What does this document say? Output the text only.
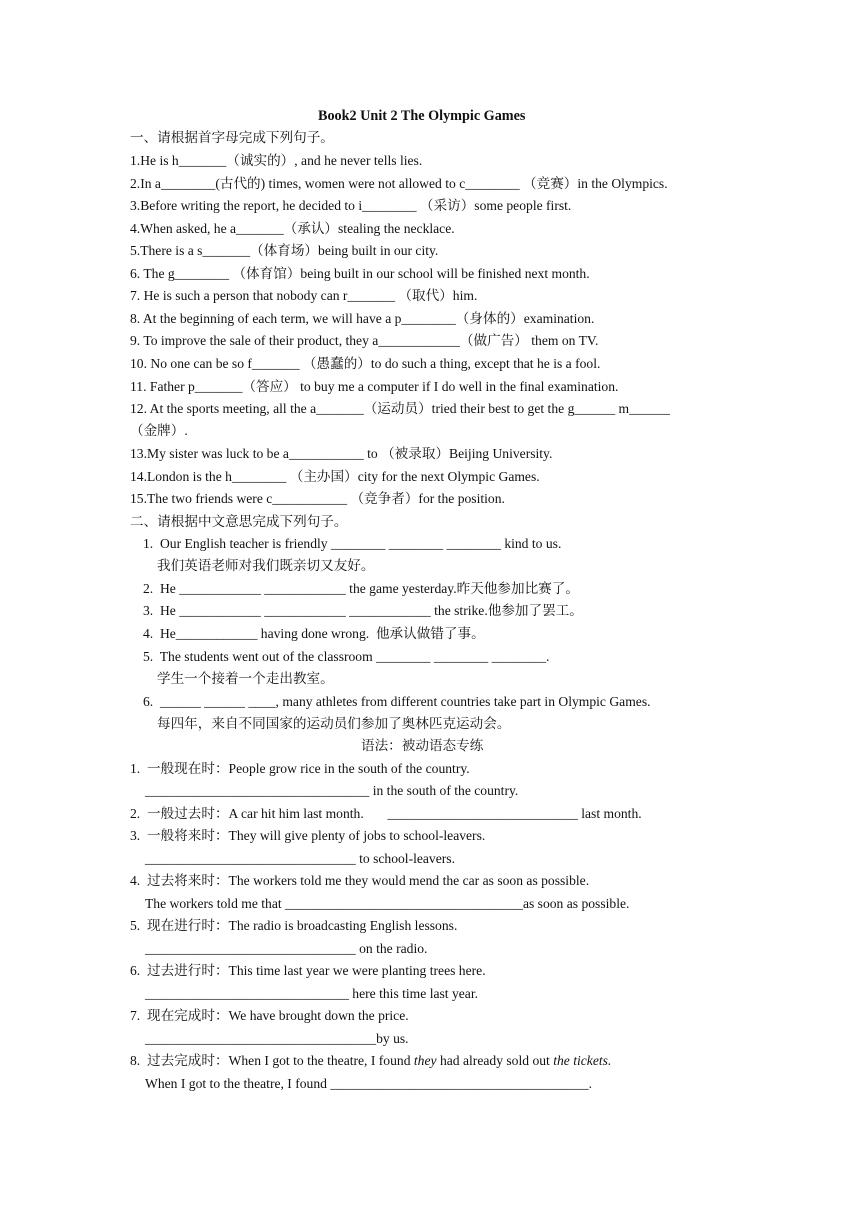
Book2 Unit 2 The Olympic Games
一、请根据首字母完成下列句子。
1.He is h_______（诚实的）, and he never tells lies.
2.In a________(古代的) times, women were not allowed to c________ （竞赛）in the Olympics.
3.Before writing the report, he decided to i________ （采访）some people first.
4.When asked, he a_______（承认）stealing the necklace.
5.There is a s_______（体育场）being built in our city.
6. The g________ （体育馆）being built in our school will be finished next month.
7. He is such a person that nobody can r_______ （取代）him.
8. At the beginning of each term, we will have a p________（身体的）examination.
9. To improve the sale of their product, they a____________（做广告） them on TV.
10. No one can be so f_______ （愚蠢的）to do such a thing, except that he is a fool.
11. Father p_______（答应） to buy me a computer if I do well in the final examination.
12. At the sports meeting, all the a_______（运动员）tried their best to get the g______ m______
（金牌）.
13.My sister was luck to be a___________ to （被录取）Beijing University.
14.London is the h________ （主办国）city for the next Olympic Games.
15.The two friends were c___________ （竞争者）for the position.
二、请根据中文意思完成下列句子。
1.  Our English teacher is friendly ________ ________ ________ kind to us.
我们英语老师对我们既亲切又友好。
2.  He ____________ ____________ the game yesterday.昨天他参加比赛了。
3.  He ____________ ____________ ____________ the strike.他参加了罢工。
4.  He____________ having done wrong.  他承认做错了事。
5.  The students went out of the classroom ________ ________ ________.
学生一个接着一个走出教室。
6.  ______ ______ ____, many athletes from different countries take part in Olympic Games.
每四年，来自不同国家的运动员们参加了奥林匹克运动会。
语法：被动语态专练
1.  一般现在时：People grow rice in the south of the country.
_________________________________ in the south of the country.
2.  一般过去时：A car hit him last month.       ____________________________ last month.
3.  一般将来时：They will give plenty of jobs to school-leavers.
_______________________________ to school-leavers.
4.  过去将来时：The workers told me they would mend the car as soon as possible.
The workers told me that ___________________________________as soon as possible.
5.  现在进行时：The radio is broadcasting English lessons.
_______________________________ on the radio.
6.  过去进行时：This time last year we were planting trees here.
______________________________ here this time last year.
7.  现在完成时：We have brought down the price.
__________________________________by us.
8.  过去完成时：When I got to the theatre, I found they had already sold out the tickets.
When I got to the theatre, I found ______________________________________.
